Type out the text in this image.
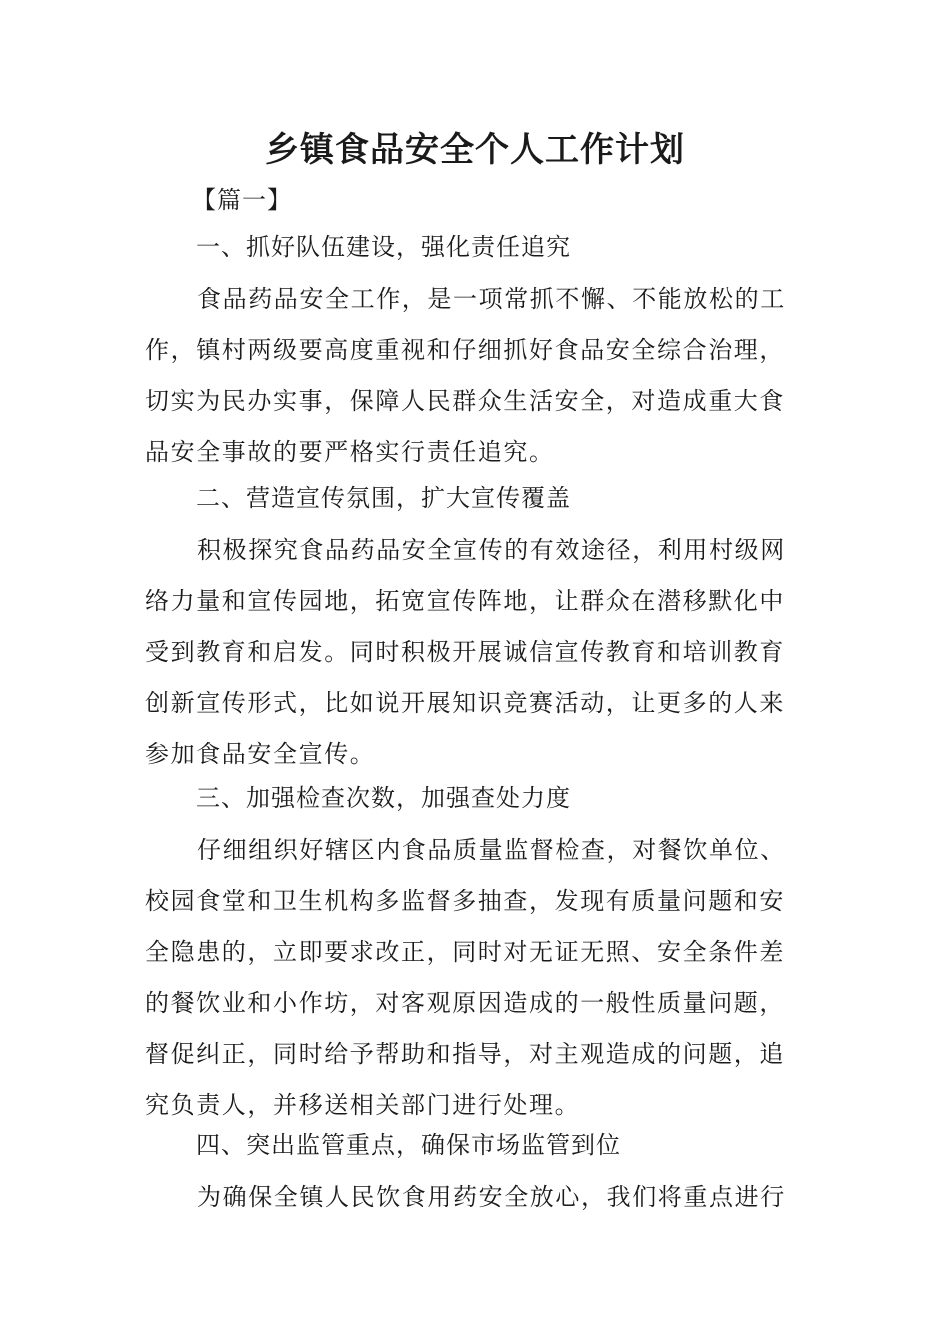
乡镇食品安全个人工作计划

【篇一】

一、抓好队伍建设，强化责任追究

食品药品安全工作，是一项常抓不懈、不能放松的工
作，镇村两级要高度重视和仔细抓好食品安全综合治理，
切实为民办实事，保障人民群众生活安全，对造成重大食
品安全事故的要严格实行责任追究。

二、营造宣传氛围，扩大宣传覆盖

积极探究食品药品安全宣传的有效途径，利用村级网
络力量和宣传园地，拓宽宣传阵地，让群众在潜移默化中
受到教育和启发。同时积极开展诚信宣传教育和培训教育
创新宣传形式，比如说开展知识竞赛活动，让更多的人来
参加食品安全宣传。

三、加强检查次数，加强查处力度

仔细组织好辖区内食品质量监督检查，对餐饮单位、
校园食堂和卫生机构多监督多抽查，发现有质量问题和安
全隐患的，立即要求改正，同时对无证无照、安全条件差
的餐饮业和小作坊，对客观原因造成的一般性质量问题，
督促纠正，同时给予帮助和指导，对主观造成的问题，追
究负责人，并移送相关部门进行处理。

四、突出监管重点，确保市场监管到位

为确保全镇人民饮食用药安全放心，我们将重点进行
